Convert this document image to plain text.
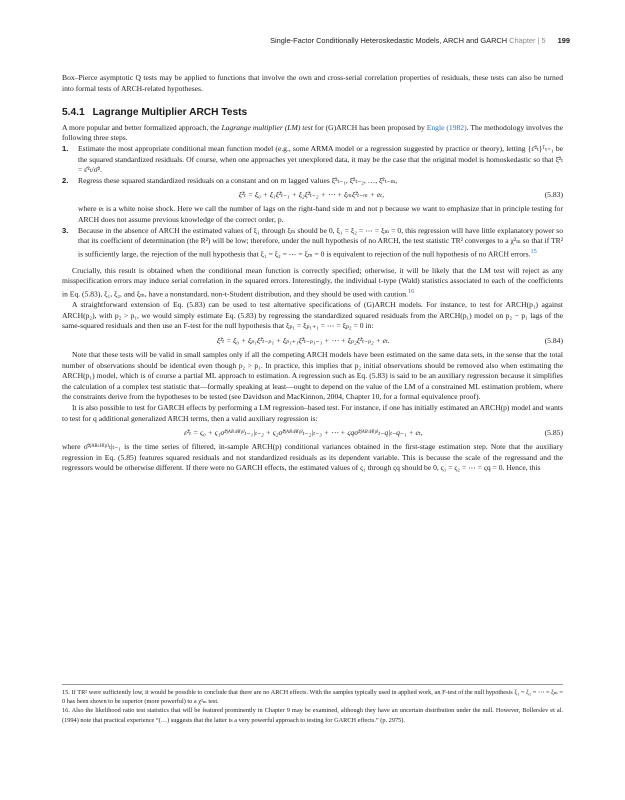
Single-Factor Conditionally Heteroskedastic Models, ARCH and GARCH Chapter | 5 199

Box–Pierce asymptotic Q tests may be applied to functions that involve the own and cross-serial correlation properties of residuals, these tests can also be turned into formal tests of ARCH-related hypotheses.

5.4.1 Lagrange Multiplier ARCH Tests

A more popular and better formalized approach, the Lagrange multiplier (LM) test for (G)ARCH has been proposed by Engle (1982). The methodology involves the following three steps.

1. Estimate the most appropriate conditional mean function model (e.g., some ARMA model or a regression suggested by practice or theory), letting {ε̂²ₜ}ᵀₜ₌₁ be the squared standardized residuals. Of course, when one approaches yet unexplored data, it may be the case that the original model is homoskedastic so that ξ̂²ₜ = ε̂²ₜ/σ̂².
2. Regress these squared standardized residuals on a constant and on m lagged values ξ̂²ₜ₋₁, ξ̂²ₜ₋₂, …, ξ̂²ₜ₋ₘ,
ξ̂²ₜ = ξ₀ + ξ₁ξ̂²ₜ₋₁ + ξ₂ξ̂²ₜ₋₂ + ⋯ + ξₘξ̂²ₜ₋ₘ + eₜ,	(5.83)
where eₜ is a white noise shock. Here we call the number of lags on the right-hand side m and not p because we want to emphasize that in principle testing for ARCH does not assume previous knowledge of the correct order, p.
3. Because in the absence of ARCH the estimated values of ξ₁ through ξₘ should be 0, ξ₁ = ξ₂ = ⋯ = ξₘ = 0, this regression will have little explanatory power so that its coefficient of determination (the R²) will be low; therefore, under the null hypothesis of no ARCH, the test statistic TR² converges to a χ²ₘ so that if TR² is sufficiently large, the rejection of the null hypothesis that ξ₁ = ξ₂ = ⋯ = ξₘ = 0 is equivalent to rejection of the null hypothesis of no ARCH errors.$^{15}$

Crucially, this result is obtained when the conditional mean function is correctly specified; otherwise, it will be likely that the LM test will reject as any misspecification errors may induce serial correlation in the squared errors. Interestingly, the individual t-type (Wald) statistics associated to each of the coefficients in Eq. (5.83), ξ₁, ξ₂, and ξₘ, have a nonstandard, non-t-Student distribution, and they should be used with caution.$^{16}$

A straightforward extension of Eq. (5.83) can be used to test alternative specifications of (G)ARCH models. For instance, to test for ARCH(p₁) against ARCH(p₂), with p₂ > p₁, we would simply estimate Eq. (5.83) by regressing the standardized squared residuals from the ARCH(p₁) model on p₂ − p₁ lags of the same-squared residuals and then use an F-test for the null hypothesis that ξₚ₁ = ξₚ₁₊₁ = ⋯ = ξₚ₂ = 0 in:

ξ̂²ₜ = ξ₀ + ξₚ₁ξ̂²ₜ₋ₚ₁ + ξₚ₁₊₁ξ̂²ₜ₋ₚ₁₋₁ + ⋯ + ξₚ₂ξ̂²ₜ₋ₚ₂ + eₜ.	(5.84)

Note that these tests will be valid in small samples only if all the competing ARCH models have been estimated on the same data sets, in the sense that the total number of observations should be identical even though p₂ > p₁. In practice, this implies that p₂ initial observations should be removed also when estimating the ARCH(p₁) model, which is of course a partial ML approach to estimation. A regression such as Eq. (5.83) is said to be an auxiliary regression because it simplifies the calculation of a complex test statistic that—formally speaking at least—ought to depend on the value of the LM of a constrained ML estimation problem, where the constraints derive from the hypotheses to be tested (see Davidson and MacKinnon, 2004, Chapter 10, for a formal equivalence proof).

It is also possible to test for GARCH effects by performing a LM regression–based test. For instance, if one has initially estimated an ARCH(p) model and wants to test for q additional generalized ARCH terms, then a valid auxiliary regression is:

ε̂²ₜ = ς₀ + ς₁σ̂²ʲᴬᴿᶜᴴ⁽ᵖ⁾ₜ₋₁|ₜ₋₂ + ς₂σ̂²ʲᴬᴿᶜᴴ⁽ᵖ⁾ₜ₋₂|ₜ₋₃ + ⋯ + ςqσ̂²ʲᴬᴿᶜᴴ⁽ᵖ⁾ₜ₋q|ₜ₋q₋₁ + eₜ,	(5.85)

where σ̂²ʲᴬᴿᶜᴴ⁽ᵖ⁾ₜ|ₜ₋₁ is the time series of filtered, in-sample ARCH(p) conditional variances obtained in the first-stage estimation step. Note that the auxiliary regression in Eq. (5.85) features squared residuals and not standardized residuals as its dependent variable. This is because the scale of the regressand and the regressors would be otherwise different. If there were no GARCH effects, the estimated values of ς₁ through ςq should be 0, ς₁ = ς₂ = ⋯ = ςq = 0. Hence, this

15. If TR² were sufficiently low, it would be possible to conclude that there are no ARCH effects. With the samples typically used in applied work, an F-test of the null hypothesis ξ₁ = ξ₂ = ⋯ = ξₘ = 0 has been shown to be superior (more powerful) to a χ²ₘ test.

16. Also the likelihood ratio test statistics that will be featured prominently in Chapter 9 may be examined, although they have an uncertain distribution under the null. However, Bollerslev et al. (1994) note that practical experience “(…) suggests that the latter is a very powerful approach to testing for GARCH effects.” (p. 2975).
